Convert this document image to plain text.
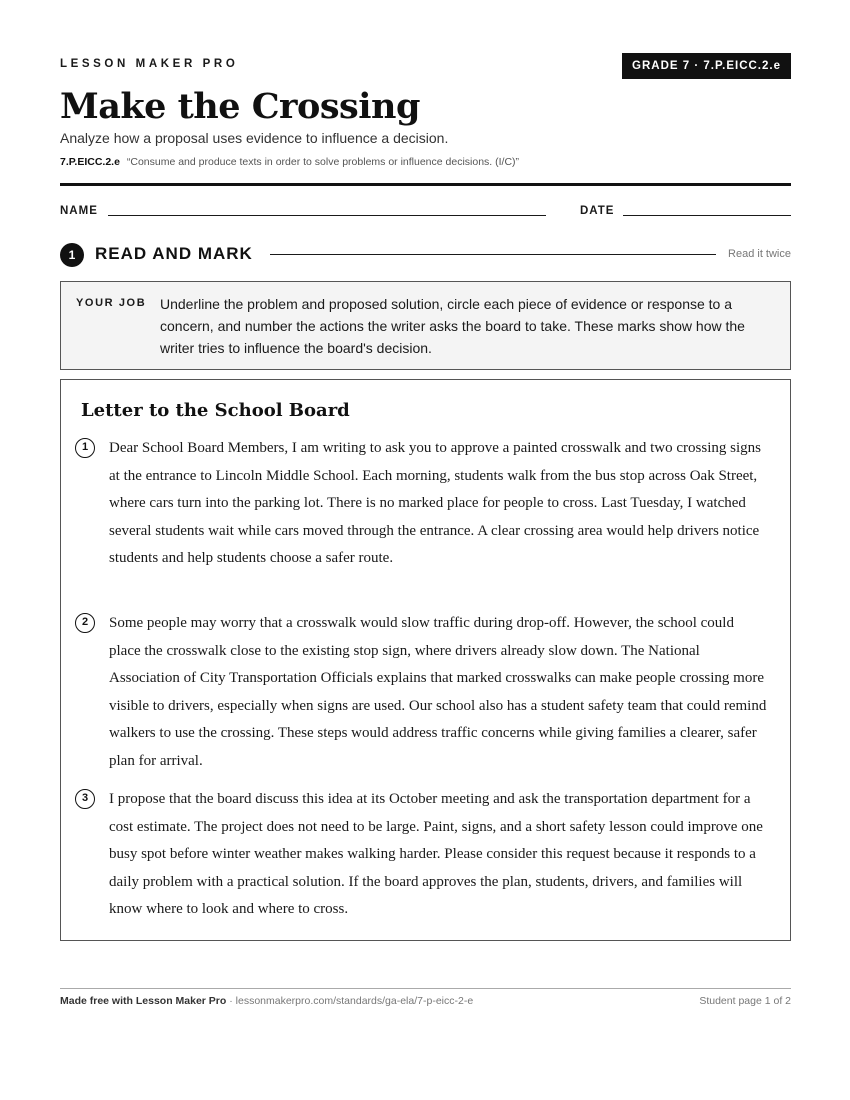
LESSON MAKER PRO	GRADE 7 · 7.P.EICC.2.e
Make the Crossing
Analyze how a proposal uses evidence to influence a decision.
7.P.EICC.2.e “Consume and produce texts in order to solve problems or influence decisions. (I/C)”
NAME	DATE
1	READ AND MARK	Read it twice
YOUR JOB Underline the problem and proposed solution, circle each piece of evidence or response to a concern, and number the actions the writer asks the board to take. These marks show how the writer tries to influence the board's decision.
Letter to the School Board
1	Dear School Board Members, I am writing to ask you to approve a painted crosswalk and two crossing signs at the entrance to Lincoln Middle School. Each morning, students walk from the bus stop across Oak Street, where cars turn into the parking lot. There is no marked place for people to cross. Last Tuesday, I watched several students wait while cars moved through the entrance. A clear crossing area would help drivers notice students and help students choose a safer route.
2	Some people may worry that a crosswalk would slow traffic during drop-off. However, the school could place the crosswalk close to the existing stop sign, where drivers already slow down. The National Association of City Transportation Officials explains that marked crosswalks can make people crossing more visible to drivers, especially when signs are used. Our school also has a student safety team that could remind walkers to use the crossing. These steps would address traffic concerns while giving families a clearer, safer plan for arrival.
3	I propose that the board discuss this idea at its October meeting and ask the transportation department for a cost estimate. The project does not need to be large. Paint, signs, and a short safety lesson could improve one busy spot before winter weather makes walking harder. Please consider this request because it responds to a daily problem with a practical solution. If the board approves the plan, students, drivers, and families will know where to look and where to cross.
Made free with Lesson Maker Pro · lessonmakerpro.com/standards/ga-ela/7-p-eicc-2-e	Student page 1 of 2
